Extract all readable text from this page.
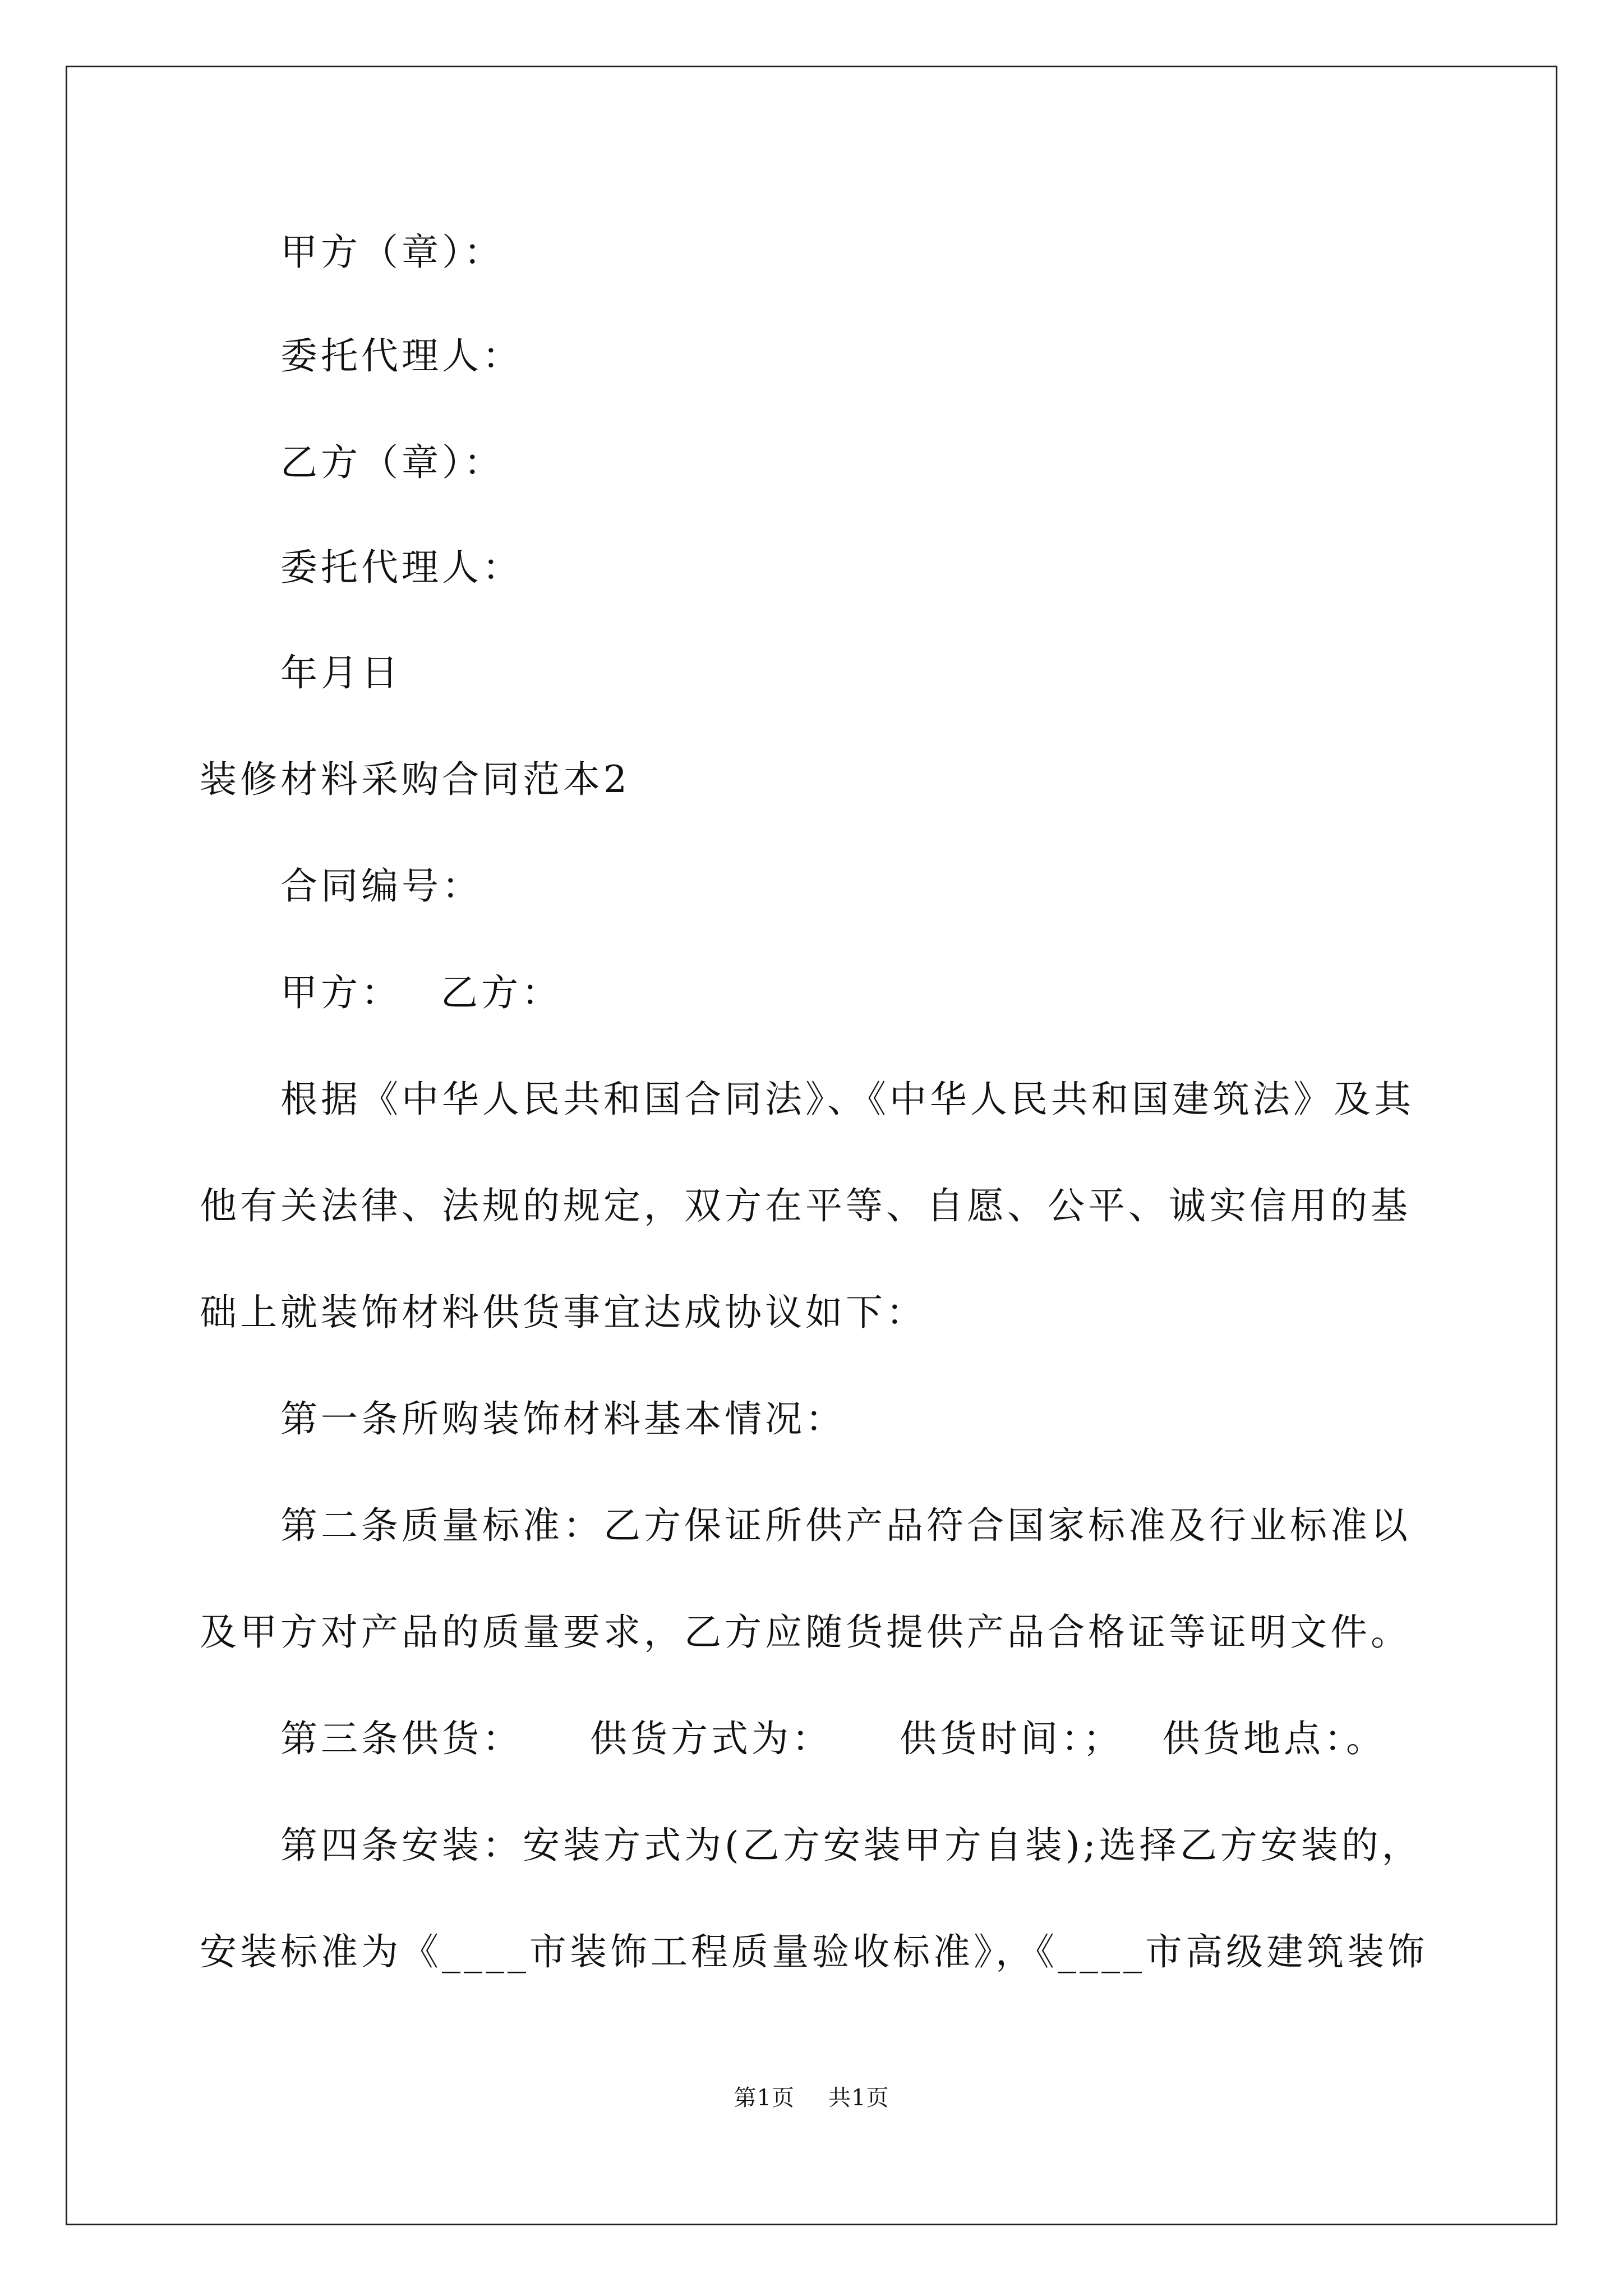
甲方（章）：
委托代理人：
乙方（章）：
委托代理人：
年月日
装修材料采购合同范本2
合同编号：
甲方： 乙方：
根据《中华人民共和国合同法》、《中华人民共和国建筑法》及其
他有关法律、法规的规定，双方在平等、自愿、公平、诚实信用的基
础上就装饰材料供货事宜达成协议如下：
第一条所购装饰材料基本情况：
第二条质量标准：乙方保证所供产品符合国家标准及行业标准以
及甲方对产品的质量要求，乙方应随货提供产品合格证等证明文件。
第三条供货： 供货方式为： 供货时间：； 供货地点：。
第四条安装：安装方式为(乙方安装甲方自装);选择乙方安装的，
安装标准为《____市装饰工程质量验收标准》，《____市高级建筑装饰
第1页 共1页
